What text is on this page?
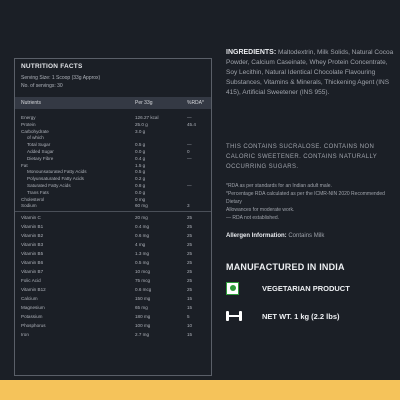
NUTRITION FACTS
Serving Size: 1 Scoop (33g Approx)
No. of servings: 30
Nutrients	Per 33g	%RDA*
Energy	126.27 kcal	—
Protein	25.0 g	45.4
Carbohydrate	3.0 g
of which
Total Sugar	0.5 g	—
Added Sugar	0.0 g	0
Dietary Fibre	0.4 g	—
Fat	1.5 g
Monounsaturated Fatty Acids	0.5 g
Polyunsaturated Fatty Acids	0.2 g
Saturated Fatty Acids	0.8 g	—
Trans Fats	0.0 g
Cholesterol	0 mg
Sodium	60 mg	3
Vitamin C	20 mg	25
Vitamin B1	0.4 mg	25
Vitamin B2	0.6 mg	25
Vitamin B3	4 mg	25
Vitamin B5	1.3 mg	25
Vitamin B6	0.5 mg	25
Vitamin B7	10 mcg	25
Folic Acid	75 mcg	25
Vitamin B12	0.6 mcg	25
Calcium	150 mg	15
Magnesium	65 mg	15
Potassium	180 mg	5
Phosphorus	100 mg	10
Iron	2.7 mg	15
INGREDIENTS: Maltodextrin, Milk Solids, Natural Cocoa Powder, Calcium Caseinate, Whey Protein Concentrate, Soy Lecithin, Natural Identical Chocolate Flavouring Substances, Vitamins & Minerals, Thickening Agent (INS 415), Artificial Sweetener (INS 955).
THIS CONTAINS SUCRALOSE. CONTAINS NON CALORIC SWEETENER. CONTAINS NATURALLY OCCURRING SUGARS.
*RDA as per standards for an Indian adult male.
*Percentage RDA calculated as per the ICMR-NIN 2020 Recommended Dietary
Allowances for moderate work.
— RDA not established.
Allergen Information: Contains Milk
MANUFACTURED IN INDIA
VEGETARIAN PRODUCT
NET WT. 1 kg (2.2 lbs)
